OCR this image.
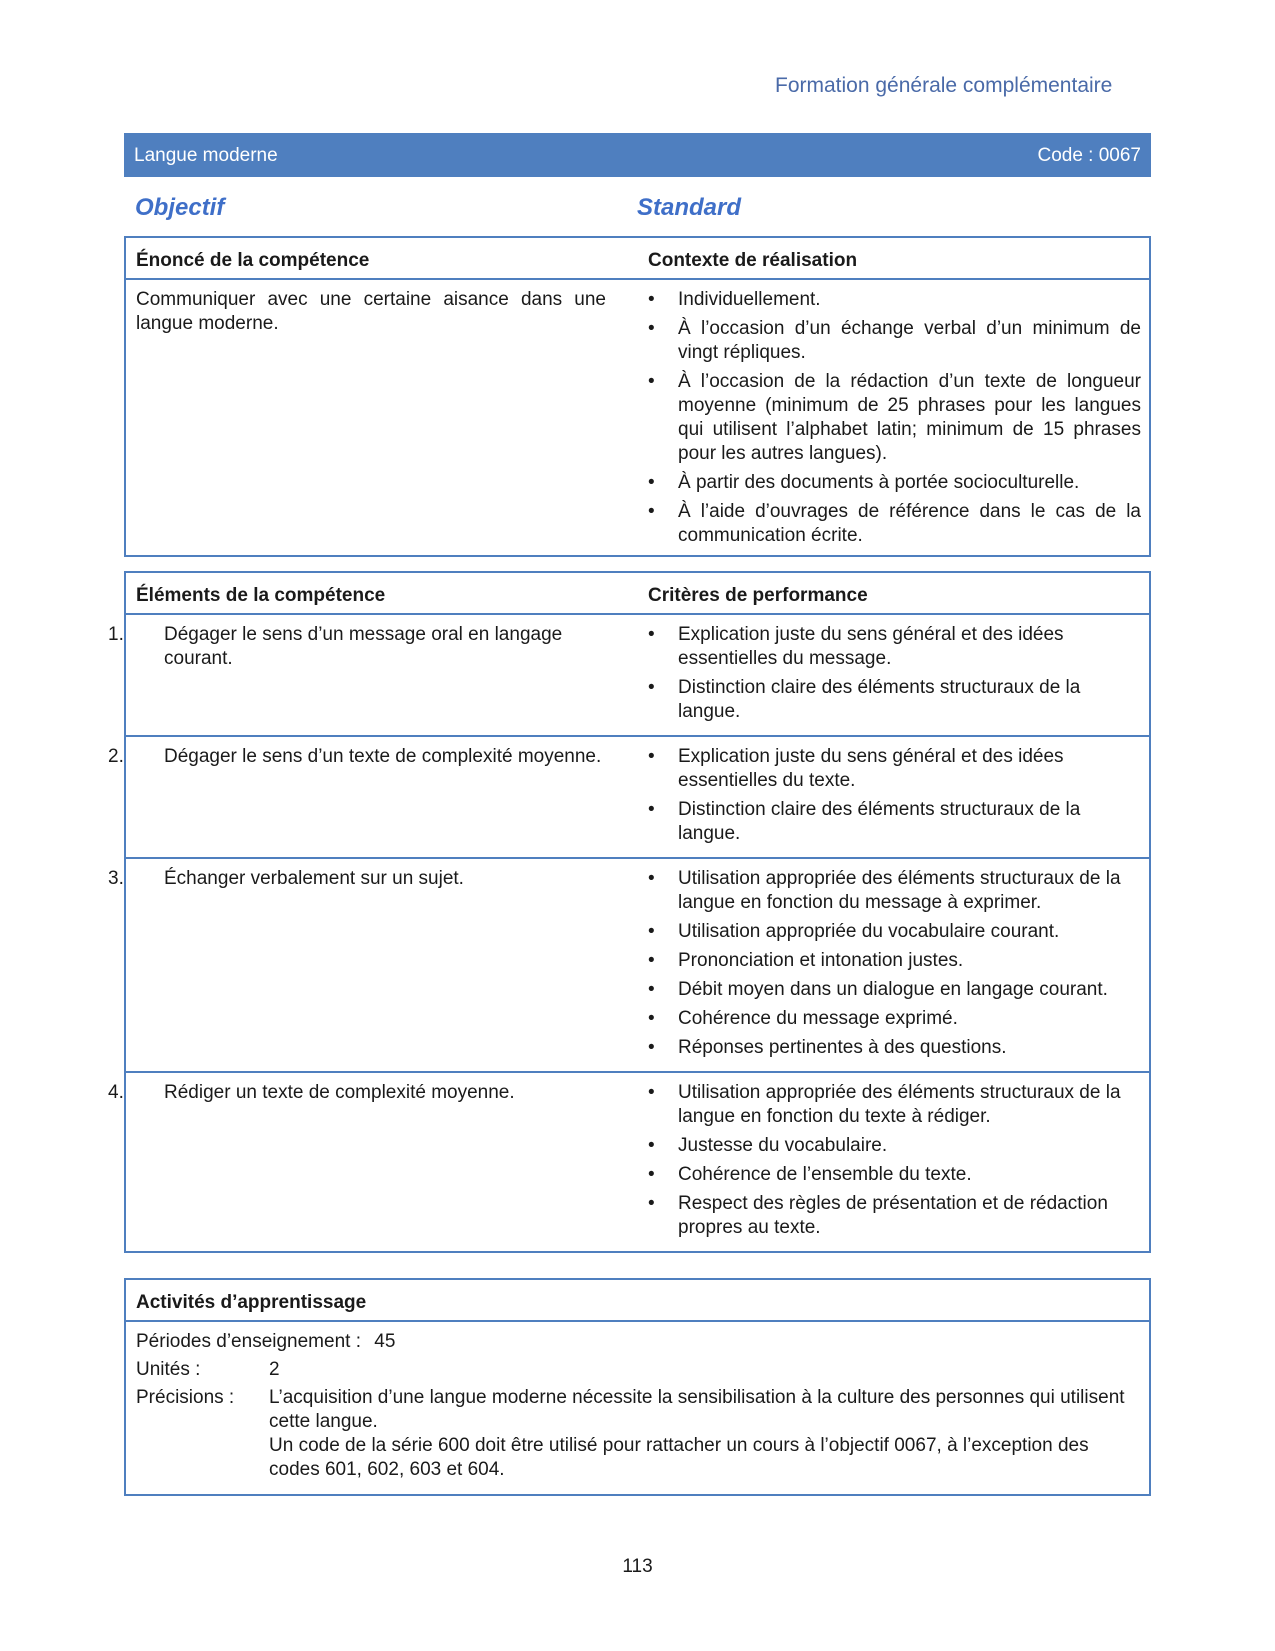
Formation générale complémentaire
Langue moderne	Code : 0067
Objectif	Standard
Énoncé de la compétence	Contexte de réalisation
Communiquer avec une certaine aisance dans une langue moderne.
• Individuellement.
• À l’occasion d’un échange verbal d’un minimum de vingt répliques.
• À l’occasion de la rédaction d’un texte de longueur moyenne (minimum de 25 phrases pour les langues qui utilisent l’alphabet latin; minimum de 15 phrases pour les autres langues).
• À partir des documents à portée socioculturelle.
• À l’aide d’ouvrages de référence dans le cas de la communication écrite.
Éléments de la compétence	Critères de performance
1. Dégager le sens d’un message oral en langage courant.
• Explication juste du sens général et des idées essentielles du message.
• Distinction claire des éléments structuraux de la langue.
2. Dégager le sens d’un texte de complexité moyenne.	• Explication juste du sens général et des idées essentielles du texte.
• Distinction claire des éléments structuraux de la langue.
3. Échanger verbalement sur un sujet.	• Utilisation appropriée des éléments structuraux de la langue en fonction du message à exprimer.
• Utilisation appropriée du vocabulaire courant.
• Prononciation et intonation justes.
• Débit moyen dans un dialogue en langage courant.
• Cohérence du message exprimé.
• Réponses pertinentes à des questions.
4. Rédiger un texte de complexité moyenne.	• Utilisation appropriée des éléments structuraux de la langue en fonction du texte à rédiger.
• Justesse du vocabulaire.
• Cohérence de l’ensemble du texte.
• Respect des règles de présentation et de rédaction propres au texte.
Activités d’apprentissage
Périodes d’enseignement : 45
Unités :	2
Précisions : L’acquisition d’une langue moderne nécessite la sensibilisation à la culture des personnes qui utilisent cette langue.
Un code de la série 600 doit être utilisé pour rattacher un cours à l’objectif 0067, à l’exception des codes 601, 602, 603 et 604.
113
